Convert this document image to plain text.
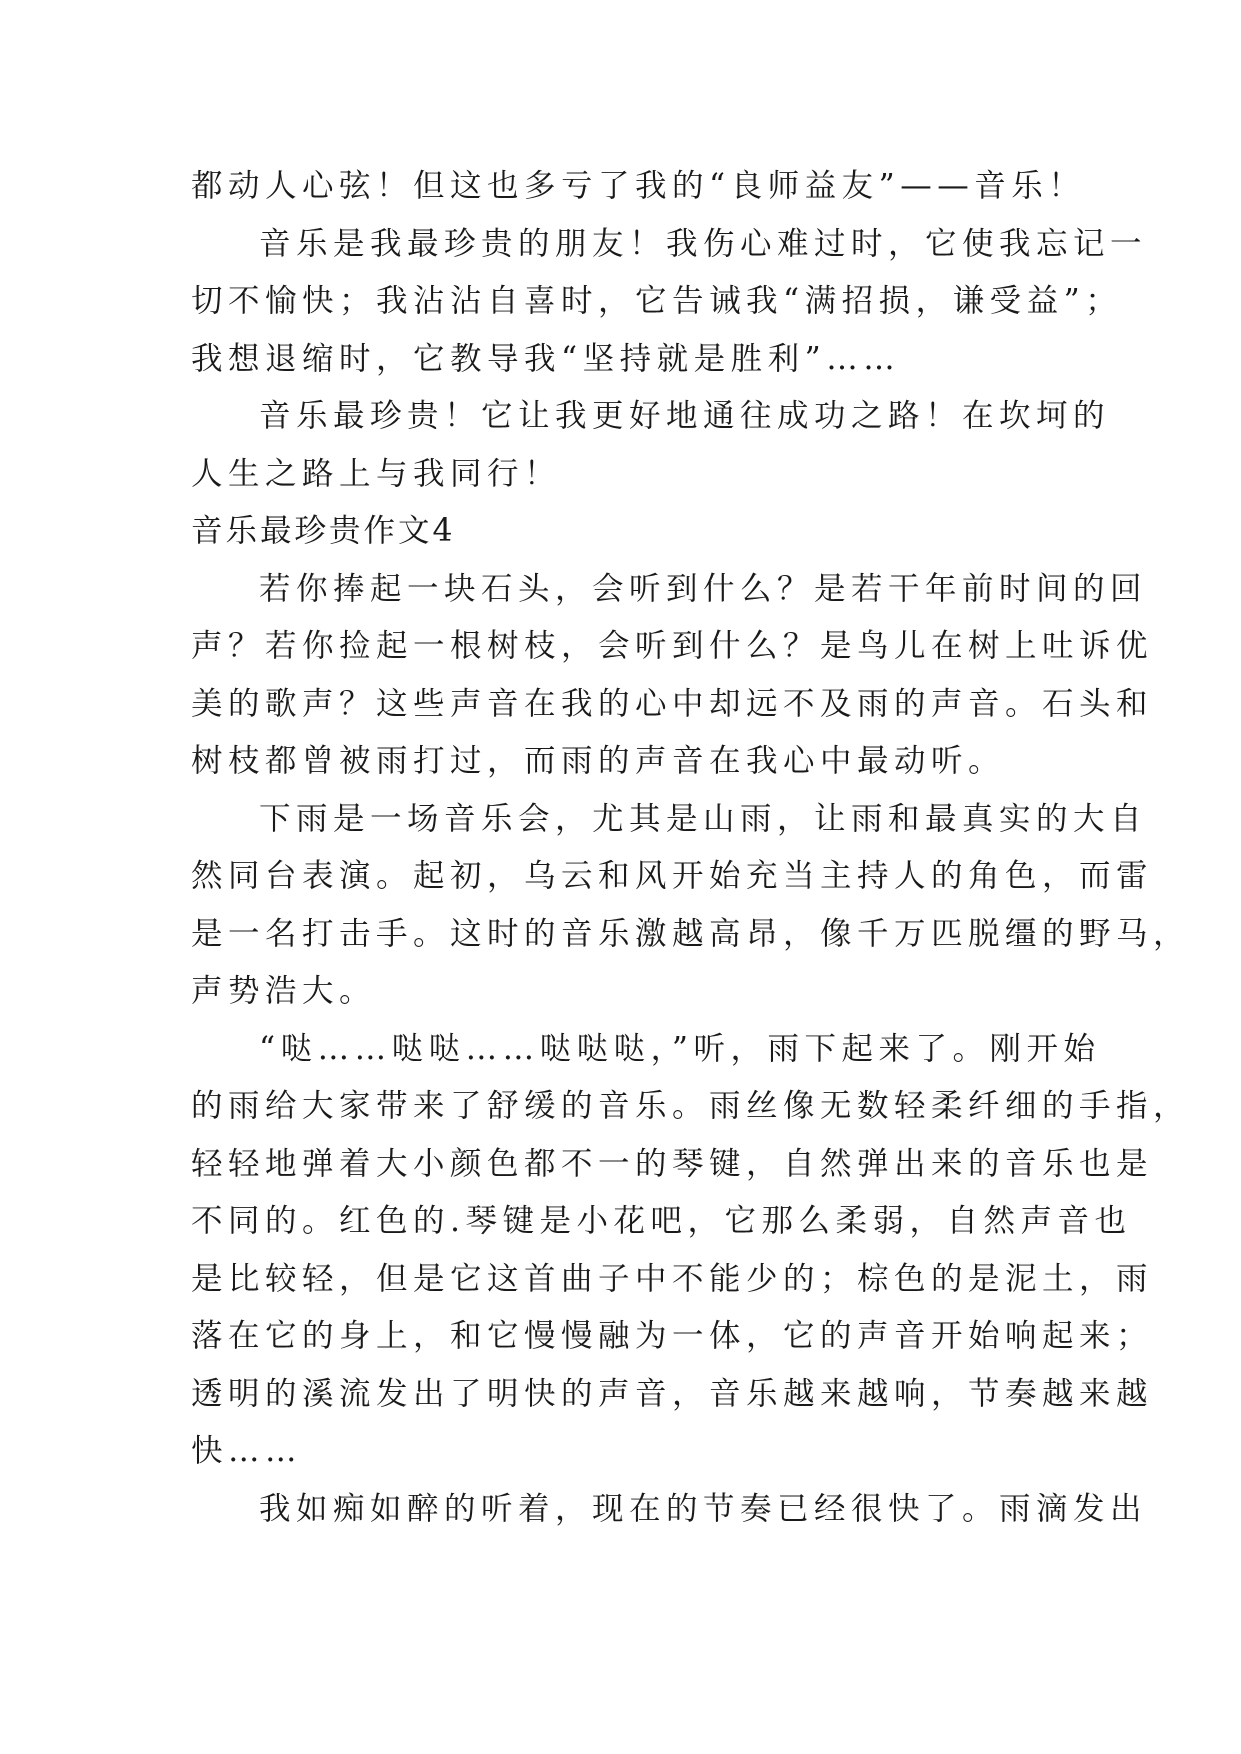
都动人心弦！但这也多亏了我的“良师益友”——音乐！
音乐是我最珍贵的朋友！我伤心难过时，它使我忘记一
切不愉快；我沾沾自喜时，它告诫我“满招损，谦受益”；
我想退缩时，它教导我“坚持就是胜利”……
音乐最珍贵！它让我更好地通往成功之路！在坎坷的
人生之路上与我同行！
音乐最珍贵作文4
若你捧起一块石头，会听到什么？是若干年前时间的回
声？若你捡起一根树枝，会听到什么？是鸟儿在树上吐诉优
美的歌声？这些声音在我的心中却远不及雨的声音。石头和
树枝都曾被雨打过，而雨的声音在我心中最动听。
下雨是一场音乐会，尤其是山雨，让雨和最真实的大自
然同台表演。起初，乌云和风开始充当主持人的角色，而雷
是一名打击手。这时的音乐激越高昂，像千万匹脱缰的野马，
声势浩大。
“哒……哒哒……哒哒哒，”听，雨下起来了。刚开始
的雨给大家带来了舒缓的音乐。雨丝像无数轻柔纤细的手指，
轻轻地弹着大小颜色都不一的琴键，自然弹出来的音乐也是
不同的。红色的.琴键是小花吧，它那么柔弱，自然声音也
是比较轻，但是它这首曲子中不能少的；棕色的是泥土，雨
落在它的身上，和它慢慢融为一体，它的声音开始响起来；
透明的溪流发出了明快的声音，音乐越来越响，节奏越来越
快……
我如痴如醉的听着，现在的节奏已经很快了。雨滴发出
